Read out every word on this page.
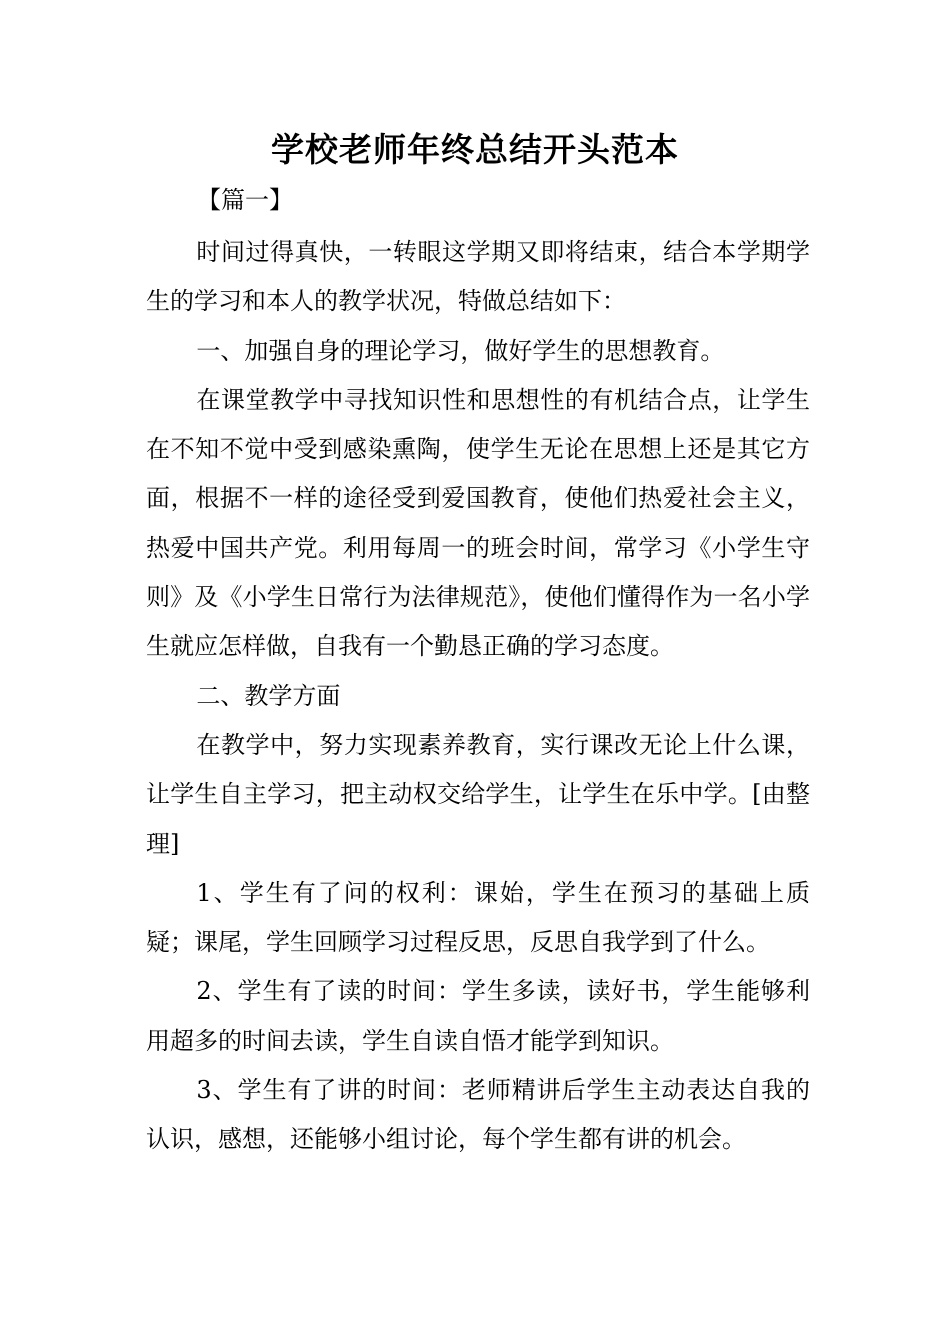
学校老师年终总结开头范本
【篇一】

时间过得真快，一转眼这学期又即将结束，结合本学期学生的学习和本人的教学状况，特做总结如下：

一、加强自身的理论学习，做好学生的思想教育。

在课堂教学中寻找知识性和思想性的有机结合点，让学生在不知不觉中受到感染熏陶，使学生无论在思想上还是其它方面，根据不一样的途径受到爱国教育，使他们热爱社会主义，热爱中国共产党。利用每周一的班会时间，常学习《小学生守则》及《小学生日常行为法律规范》，使他们懂得作为一名小学生就应怎样做，自我有一个勤恳正确的学习态度。

二、教学方面

在教学中，努力实现素养教育，实行课改无论上什么课，让学生自主学习，把主动权交给学生，让学生在乐中学。[由整理]

1、学生有了问的权利：课始，学生在预习的基础上质疑；课尾，学生回顾学习过程反思，反思自我学到了什么。

2、学生有了读的时间：学生多读，读好书，学生能够利用超多的时间去读，学生自读自悟才能学到知识。

3、学生有了讲的时间：老师精讲后学生主动表达自我的认识，感想，还能够小组讨论，每个学生都有讲的机会。
